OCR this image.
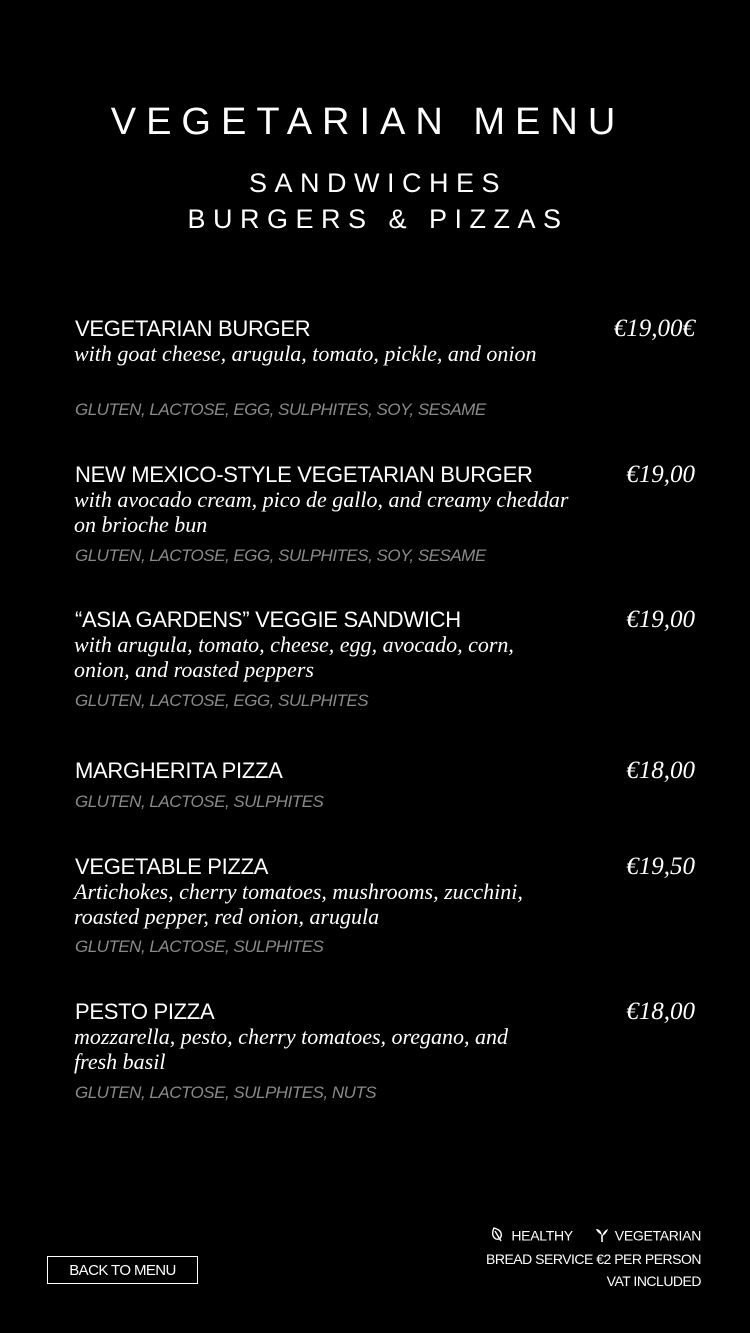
VEGETARIAN MENU
SANDWICHES
BURGERS & PIZZAS
VEGETARIAN BURGER	€19,00€
with goat cheese, arugula, tomato, pickle, and onion
GLUTEN, LACTOSE, EGG, SULPHITES, SOY, SESAME
NEW MEXICO-STYLE VEGETARIAN BURGER	€19,00
with avocado cream, pico de gallo, and creamy cheddar on brioche bun
GLUTEN, LACTOSE, EGG, SULPHITES, SOY, SESAME
“ASIA GARDENS” VEGGIE SANDWICH	€19,00
with arugula, tomato, cheese, egg, avocado, corn, onion, and roasted peppers
GLUTEN, LACTOSE, EGG, SULPHITES
MARGHERITA PIZZA	€18,00
GLUTEN, LACTOSE, SULPHITES
VEGETABLE PIZZA	€19,50
Artichokes, cherry tomatoes, mushrooms, zucchini, roasted pepper, red onion, arugula
GLUTEN, LACTOSE, SULPHITES
PESTO PIZZA	€18,00
mozzarella, pesto, cherry tomatoes, oregano, and fresh basil
GLUTEN, LACTOSE, SULPHITES, NUTS
HEALTHY	VEGETARIAN
BREAD SERVICE €2 PER PERSON
VAT INCLUDED
BACK TO MENU
